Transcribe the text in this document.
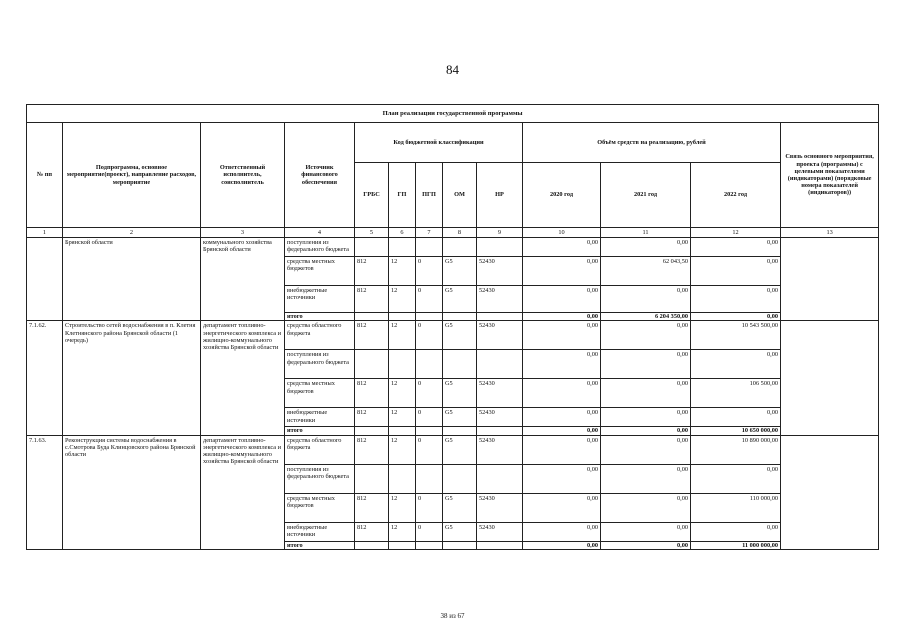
84
План реализации государственной программы												
№ пп	Подпрограмма, основное мероприятие(проект), направление расходов, мероприятие	Ответственный исполнитель, соисполнитель	Источник финансового обеспечения	Код бюджетной классификации					Объём средств на реализацию, рублей			Связь основного мероприятия, проекта (программы) с целевыми показателями (индикаторами) (порядковые номера показателей (индикаторов))
				ГРБС	ГП	ПГП	ОМ	НР	2020 год	2021 год	2022 год	
1	2	3	4	5	6	7	8	9	10	11	12	13
	Брянской области	коммунального хозяйства Брянской области	поступления из федерального бюджета						0,00	0,00	0,00	
			средства местных бюджетов	812	12	0	G5	52430	0,00	62 043,50	0,00	
			внебюджетные источники	812	12	0	G5	52430	0,00	0,00	0,00	
			итого						0,00	6 204 350,00	0,00	
7.1.62.	Строительство сетей водоснабжения в п. Клетня Клетнянского района Брянской области (1 очередь)	департамент топливно-энергетического комплекса и жилищно-коммунального хозяйства Брянской области	средства областного бюджета	812	12	0	G5	52430	0,00	0,00	10 543 500,00	
			поступления из федерального бюджета						0,00	0,00	0,00	
			средства местных бюджетов	812	12	0	G5	52430	0,00	0,00	106 500,00	
			внебюджетные источники	812	12	0	G5	52430	0,00	0,00	0,00	
			итого						0,00	0,00	10 650 000,00	
7.1.63.	Реконструкция системы водоснабжения в с.Смотрова Буда Клинцовского района Брянской области	департамент топливно-энергетического комплекса и жилищно-коммунального хозяйства Брянской области	средства областного бюджета	812	12	0	G5	52430	0,00	0,00	10 890 000,00	
			поступления из федерального бюджета						0,00	0,00	0,00	
			средства местных бюджетов	812	12	0	G5	52430	0,00	0,00	110 000,00	
			внебюджетные источники	812	12	0	G5	52430	0,00	0,00	0,00	
			итого						0,00	0,00	11 000 000,00	
38 из 67
